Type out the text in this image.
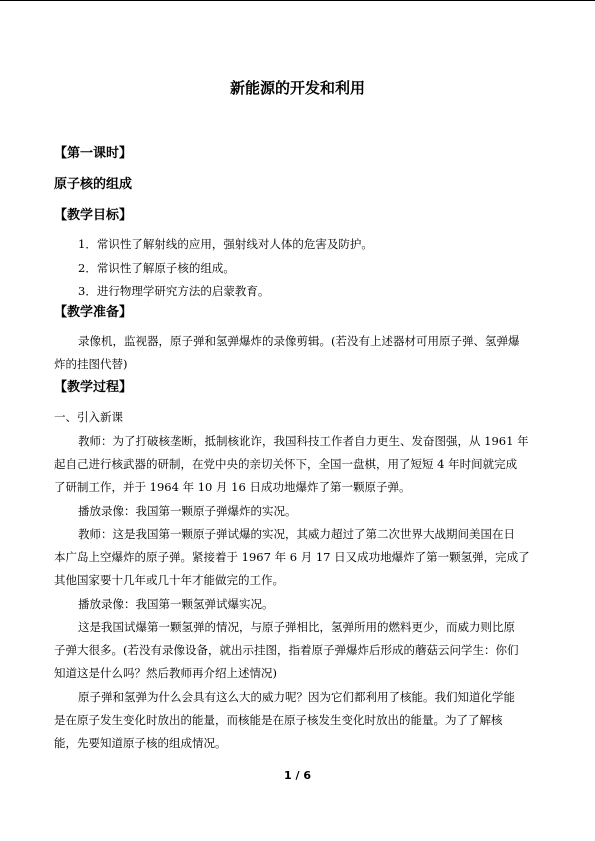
新能源的开发和利用
【第一课时】
原子核的组成
【教学目标】
1．常识性了解射线的应用，强射线对人体的危害及防护。
2．常识性了解原子核的组成。
3．进行物理学研究方法的启蒙教育。
【教学准备】
录像机，监视器，原子弹和氢弹爆炸的录像剪辑。(若没有上述器材可用原子弹、氢弹爆
炸的挂图代替)
【教学过程】
一、引入新课
教师：为了打破核垄断，抵制核讹诈，我国科技工作者自力更生、发奋图强，从 1961 年
起自己进行核武器的研制，在党中央的亲切关怀下，全国一盘棋，用了短短 4 年时间就完成
了研制工作，并于 1964 年 10 月 16 日成功地爆炸了第一颗原子弹。
播放录像：我国第一颗原子弹爆炸的实况。
教师：这是我国第一颗原子弹试爆的实况，其威力超过了第二次世界大战期间美国在日
本广岛上空爆炸的原子弹。紧接着于 1967 年 6 月 17 日又成功地爆炸了第一颗氢弹，完成了
其他国家要十几年或几十年才能做完的工作。
播放录像：我国第一颗氢弹试爆实况。
这是我国试爆第一颗氢弹的情况，与原子弹相比，氢弹所用的燃料更少，而威力则比原
子弹大很多。(若没有录像设备，就出示挂图，指着原子弹爆炸后形成的蘑菇云问学生：你们
知道这是什么吗？然后教师再介绍上述情况)
原子弹和氢弹为什么会具有这么大的威力呢？因为它们都利用了核能。我们知道化学能
是在原子发生变化时放出的能量，而核能是在原子核发生变化时放出的能量。为了了解核
能，先要知道原子核的组成情况。
1 / 6
